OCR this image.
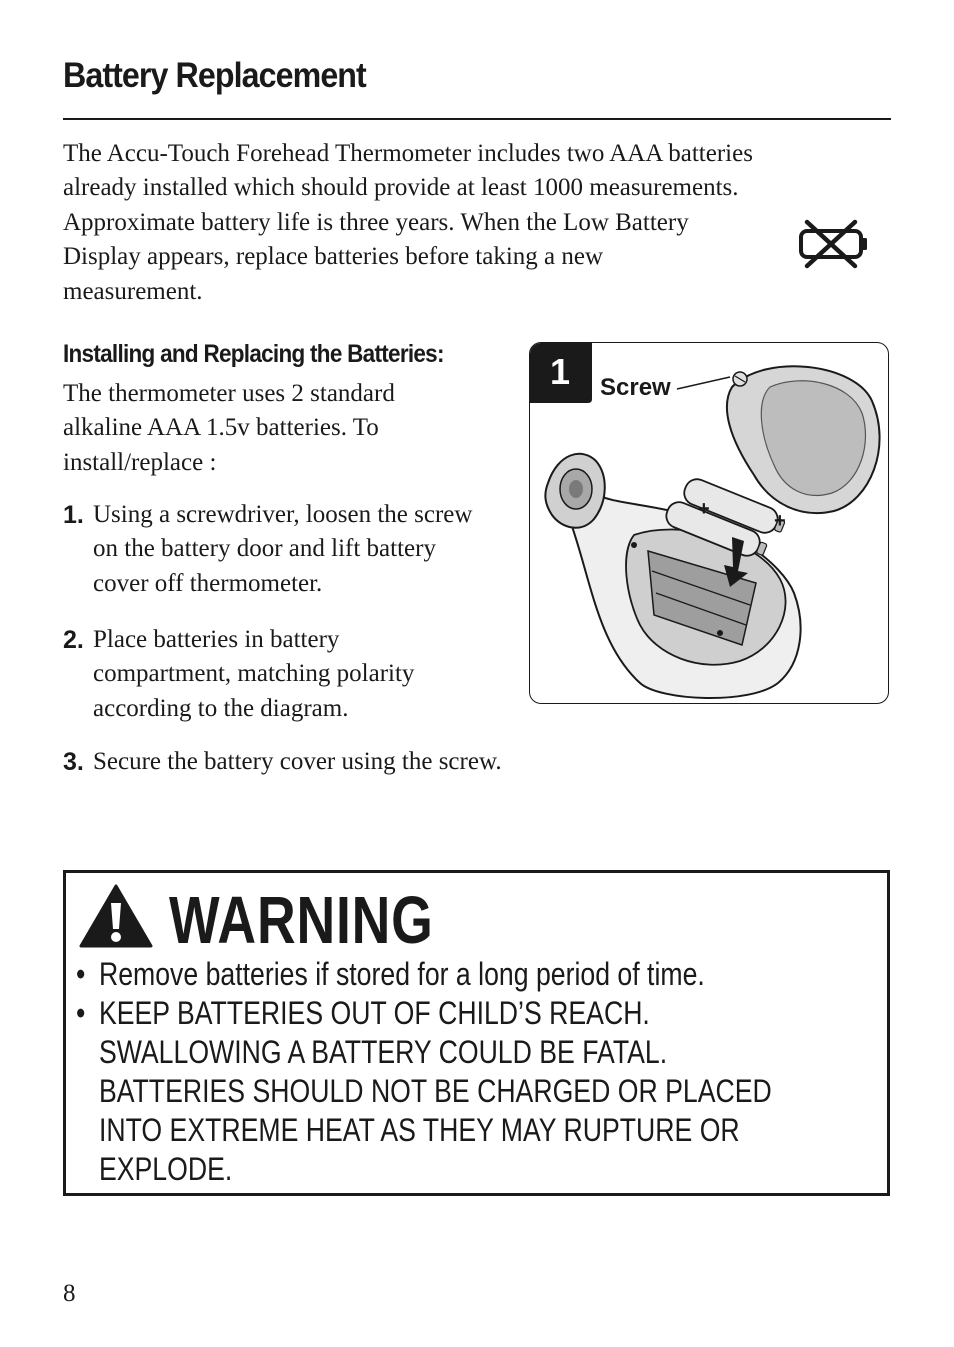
Battery Replacement

The Accu-Touch Forehead Thermometer includes two AAA batteries

already installed which should provide at least 1000 measurements.

Approximate battery life is three years. When the Low Battery

Display appears, replace batteries before taking a new

measurement.

Installing and Replacing the Batteries:
The thermometer uses 2 standard
alkaline AAA 1.5v batteries. To
install/replace :
1. Using a screwdriver, loosen the screw
on the battery door and lift battery
cover off thermometer.
2. Place batteries in battery
compartment, matching polarity
according to the diagram.
3. Secure the battery cover using the screw.
1 Screw
+
+
WARNING
• Remove batteries if stored for a long period of time.
• KEEP BATTERIES OUT OF CHILD’S REACH.
SWALLOWING A BATTERY COULD BE FATAL.
BATTERIES SHOULD NOT BE CHARGED OR PLACED
INTO EXTREME HEAT AS THEY MAY RUPTURE OR
EXPLODE.
8
